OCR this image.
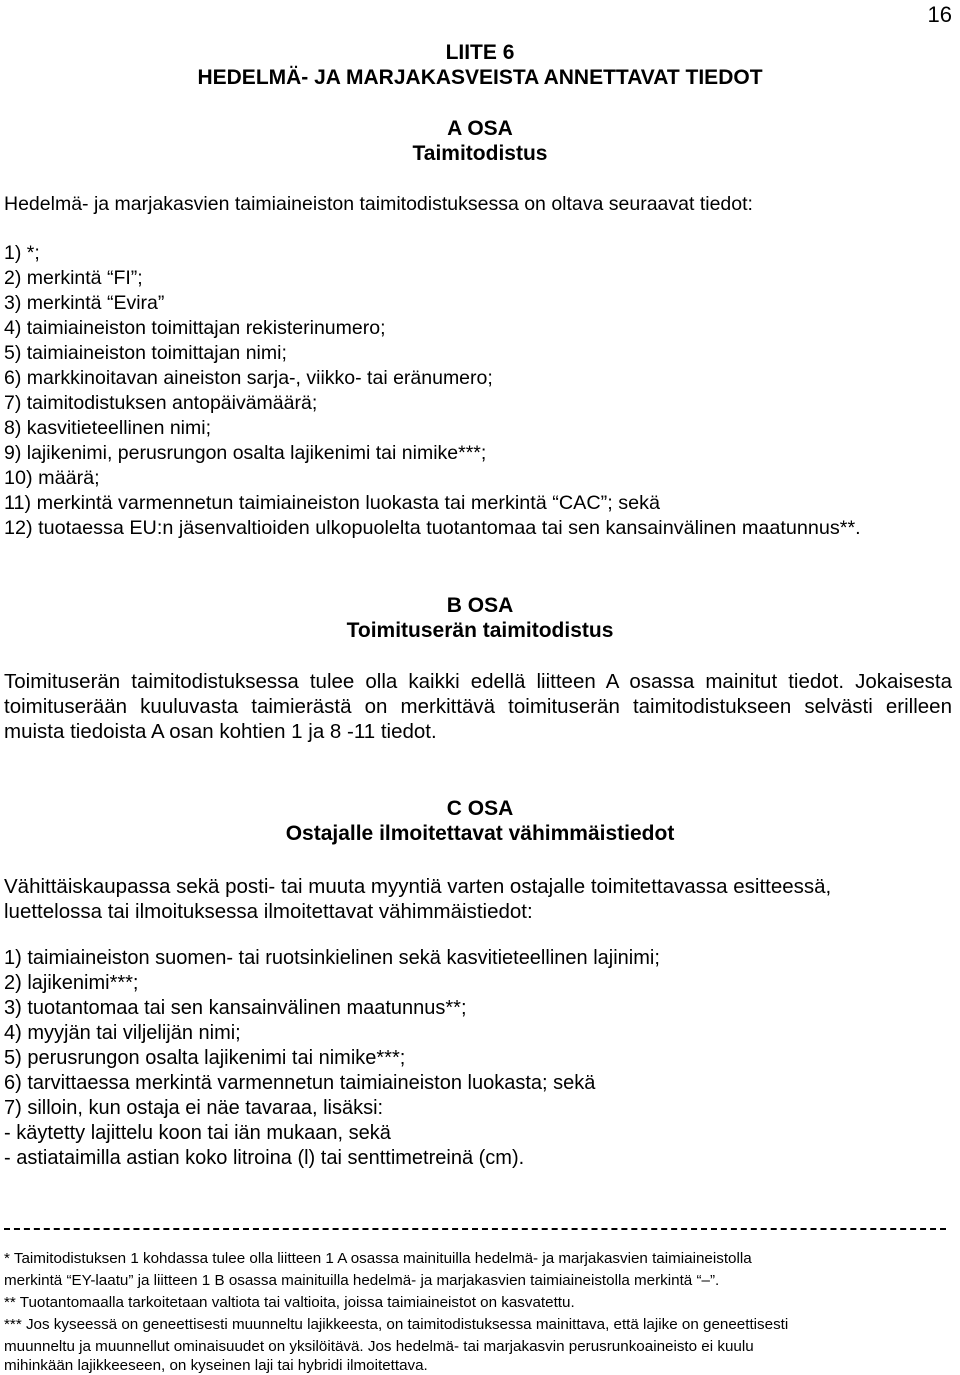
16
LIITE 6
HEDELMÄ- JA MARJAKASVEISTA ANNETTAVAT TIEDOT
A OSA
Taimitodistus
Hedelmä- ja marjakasvien taimiaineiston taimitodistuksessa on oltava seuraavat tiedot:
1) *;
2) merkintä “FI”;
3) merkintä “Evira”
4) taimiaineiston toimittajan rekisterinumero;
5) taimiaineiston toimittajan nimi;
6) markkinoitavan aineiston sarja-, viikko- tai eränumero;
7) taimitodistuksen antopäivämäärä;
8) kasvitieteellinen nimi;
9) lajikenimi, perusrungon osalta lajikenimi tai nimike***;
10) määrä;
11) merkintä varmennetun taimiaineiston luokasta tai merkintä “CAC”; sekä
12) tuotaessa EU:n jäsenvaltioiden ulkopuolelta tuotantomaa tai sen kansainvälinen maatunnus**.
B OSA
Toimituserän taimitodistus
Toimituserän taimitodistuksessa tulee olla kaikki edellä liitteen A osassa mainitut tiedot. Jokaisesta toimituserään kuuluvasta taimierästä on merkittävä toimituserän taimitodistukseen selvästi erilleen muista tiedoista A osan kohtien 1 ja 8 -11 tiedot.
C OSA
Ostajalle ilmoitettavat vähimmäistiedot
Vähittäiskaupassa sekä posti- tai muuta myyntiä varten ostajalle toimitettavassa esitteessä, luettelossa tai ilmoituksessa ilmoitettavat vähimmäistiedot:
1) taimiaineiston suomen- tai ruotsinkielinen sekä kasvitieteellinen lajinimi;
2) lajikenimi***;
3) tuotantomaa tai sen kansainvälinen maatunnus**;
4) myyjän tai viljelijän nimi;
5) perusrungon osalta lajikenimi tai nimike***;
6) tarvittaessa merkintä varmennetun taimiaineiston luokasta; sekä
7) silloin, kun ostaja ei näe tavaraa, lisäksi:
- käytetty lajittelu koon tai iän mukaan, sekä
- astiataimilla astian koko litroina (l) tai senttimetreinä (cm).
* Taimitodistuksen 1 kohdassa tulee olla liitteen 1 A osassa mainituilla hedelmä- ja marjakasvien taimiaineistolla
merkintä “EY-laatu” ja liitteen 1 B osassa mainituilla hedelmä- ja marjakasvien taimiaineistolla merkintä “–”.
** Tuotantomaalla tarkoitetaan valtiota tai valtioita, joissa taimiaineistot on kasvatettu.
*** Jos kyseessä on geneettisesti muunneltu lajikkeesta, on taimitodistuksessa mainittava, että lajike on geneettisesti
muunneltu ja muunnellut ominaisuudet on yksilöitävä. Jos hedelmä- tai marjakasvin perusrunkoaineisto ei kuulu
mihinkään lajikkeeseen, on kyseinen laji tai hybridi ilmoitettava.
